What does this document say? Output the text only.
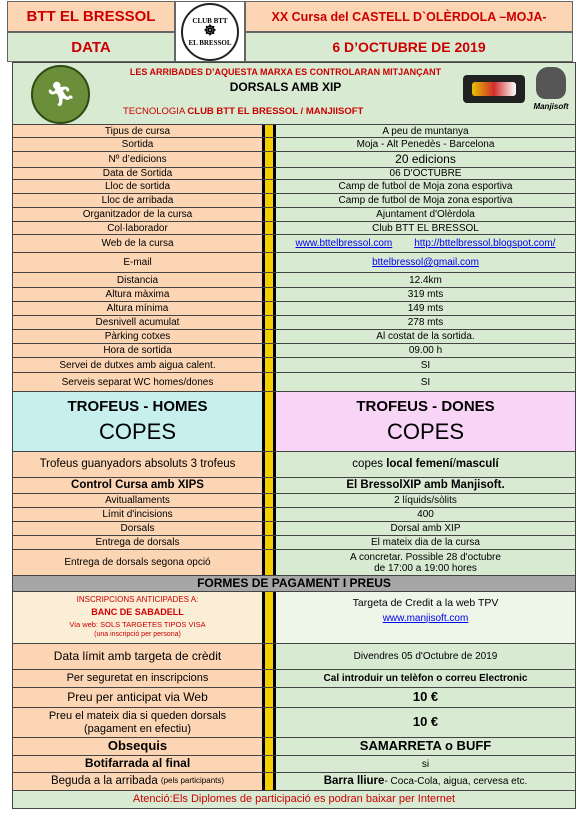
BTT EL BRESSOL
DATA
CLUB BTT
☸
EL BRESSOL
XX Cursa del CASTELL D`OLÈRDOLA –MOJA-
6 D’OCTUBRE DE 2019
🏃︎
LES ARRIBADES D’AQUESTA MARXA ES CONTROLARAN MITJANÇANT
DORSALS AMB XIP
TECNOLOGIA CLUB BTT EL BRESSOL / MANJIISOFT	Manjisoft
Tipus de cursa	A peu de muntanya
Sortida	Moja - Alt Penedès - Barcelona
Nº d’edicions	20 edicions
Data de Sortida	06 D'OCTUBRE
Lloc de sortida	Camp de futbol de Moja zona esportiva
Lloc de arribada	Camp de futbol de Moja zona esportiva
Organitzador de la cursa	Ajuntament d'Olèrdola
Col·laborador	Club BTT EL BRESSOL
Web de la cursa	www.bttelbressol.com http://bttelbressol.blogspot.com/
E-mail	bttelbressol@gmail.com
Distancia	12.4km
Altura màxima	319 mts
Altura mínima	149 mts
Desnivell acumulat	278 mts
Pàrking cotxes	Al costat de la sortida.
Hora de sortida	09.00 h
Servei de dutxes amb aigua calent.	SI
Serveis separat WC homes/dones	SI
TROFEUS - HOMES
COPES
TROFEUS - DONES
COPES
Trofeus guanyadors absoluts 3 trofeus	copes local femení / masculí
Control Cursa amb XIPS	El BressolXIP amb Manjisoft.
Avituallaments	2 líquids/sòlits
Límit d'incisions	400
Dorsals	Dorsal amb XIP
Entrega de dorsals	El mateix dia de la cursa
Entrega de dorsals segona opció	A concretar. Possible 28 d'octubre
de 17:00 a 19:00 hores
FORMES DE PAGAMENT I PREUS
INSCRIPCIONS ANTICIPADES A:
BANC DE SABADELL
Via web: SOLS TARGETES TIPOS VISA
(una inscripció per persona)
Targeta de Credit a la web TPV
www.manjisoft.com
Data límit amb targeta de crèdit	Divendres 05 d'Octubre de 2019
Per seguretat en inscripcions	Cal introduir un telèfon o correu Electronic
Preu per anticipat via Web	10 €
Preu el mateix dia si queden dorsals
(pagament en efectiu)	10 €
Obsequis	SAMARRETA o BUFF
Botifarrada al final	si
Beguda a la arribada (pels participants)	Barra lliure - Coca-Cola, aigua, cervesa etc.
Atenció:Els Diplomes de participació es podran baixar per Internet
